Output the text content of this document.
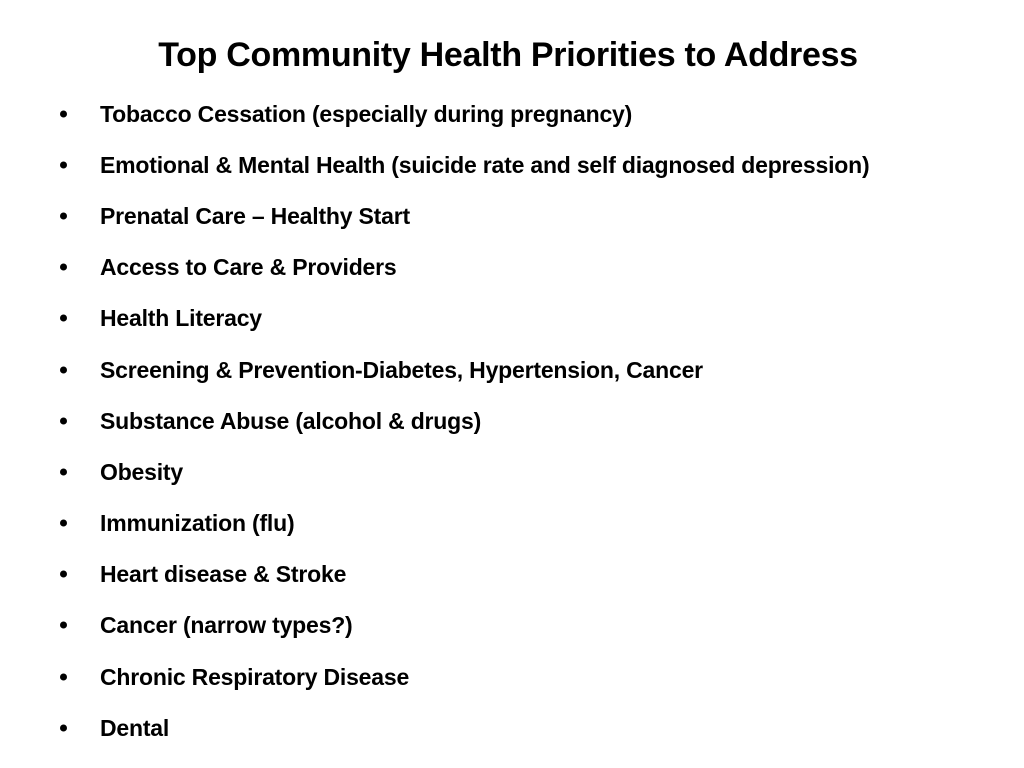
Top Community Health Priorities to Address
Tobacco Cessation (especially during pregnancy)
Emotional & Mental Health (suicide rate and self diagnosed depression)
Prenatal Care – Healthy Start
Access to Care & Providers
Health Literacy
Screening & Prevention-Diabetes, Hypertension, Cancer
Substance Abuse (alcohol & drugs)
Obesity
Immunization (flu)
Heart disease & Stroke
Cancer (narrow types?)
Chronic Respiratory Disease
Dental
